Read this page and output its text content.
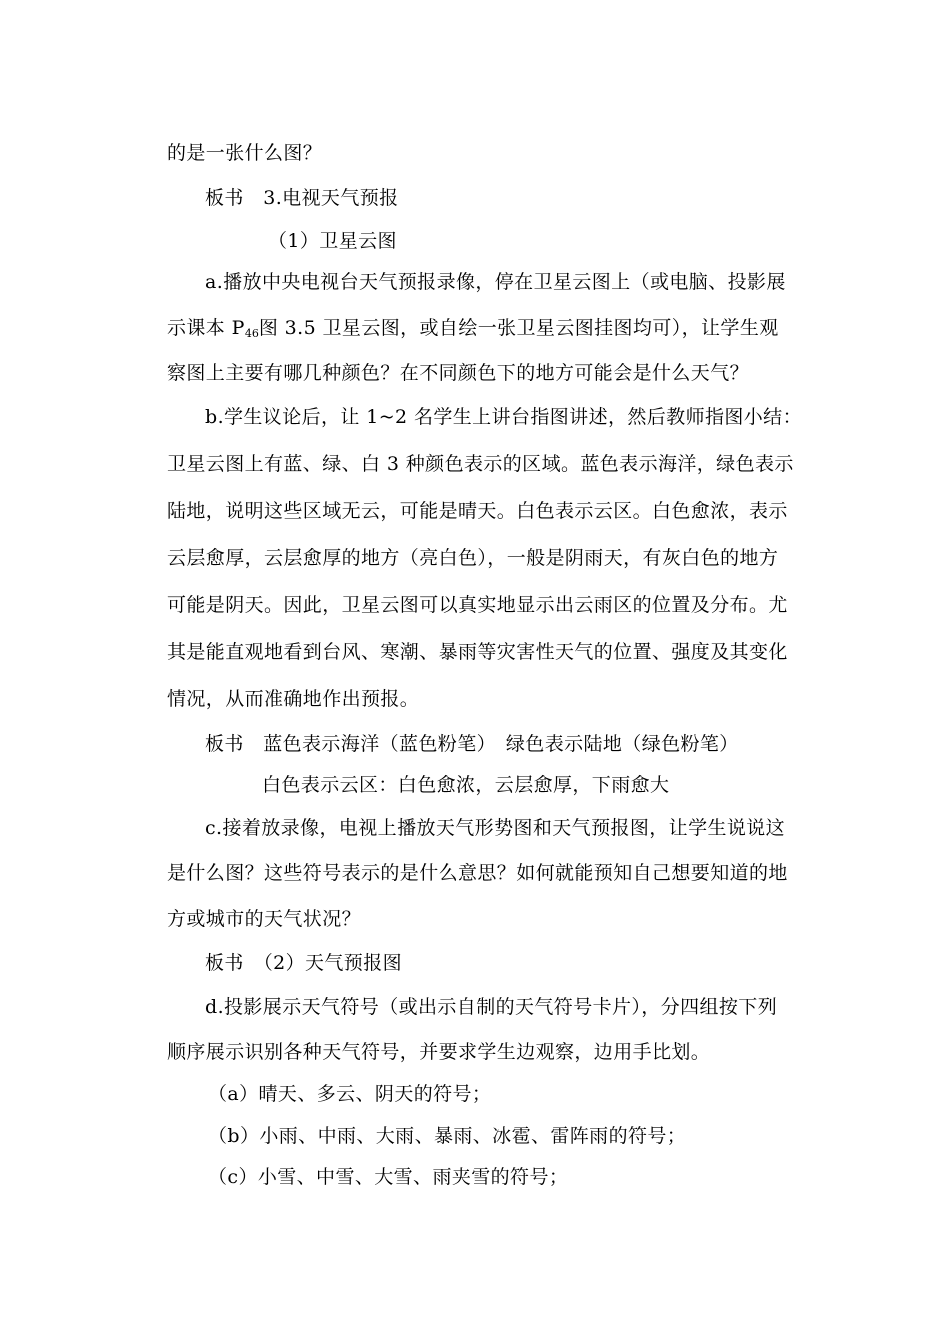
的是一张什么图？
板书　3.电视天气预报
（1）卫星云图
a.播放中央电视台天气预报录像，停在卫星云图上（或电脑、投影展
示课本 $P_{46}$图 3.5 卫星云图，或自绘一张卫星云图挂图均可），让学生观
察图上主要有哪几种颜色？在不同颜色下的地方可能会是什么天气？
b.学生议论后，让 1~2 名学生上讲台指图讲述，然后教师指图小结：
卫星云图上有蓝、绿、白 3 种颜色表示的区域。蓝色表示海洋，绿色表示
陆地，说明这些区域无云，可能是晴天。白色表示云区。白色愈浓，表示
云层愈厚，云层愈厚的地方（亮白色），一般是阴雨天，有灰白色的地方
可能是阴天。因此，卫星云图可以真实地显示出云雨区的位置及分布。尤
其是能直观地看到台风、寒潮、暴雨等灾害性天气的位置、强度及其变化
情况，从而准确地作出预报。
板书　蓝色表示海洋（蓝色粉笔）　绿色表示陆地（绿色粉笔）
白色表示云区：白色愈浓，云层愈厚，下雨愈大
c.接着放录像，电视上播放天气形势图和天气预报图，让学生说说这
是什么图？这些符号表示的是什么意思？如何就能预知自己想要知道的地
方或城市的天气状况？
板书　（2）天气预报图
d.投影展示天气符号（或出示自制的天气符号卡片），分四组按下列
顺序展示识别各种天气符号，并要求学生边观察，边用手比划。
（a）晴天、多云、阴天的符号；
（b）小雨、中雨、大雨、暴雨、冰雹、雷阵雨的符号；
（c）小雪、中雪、大雪、雨夹雪的符号；
